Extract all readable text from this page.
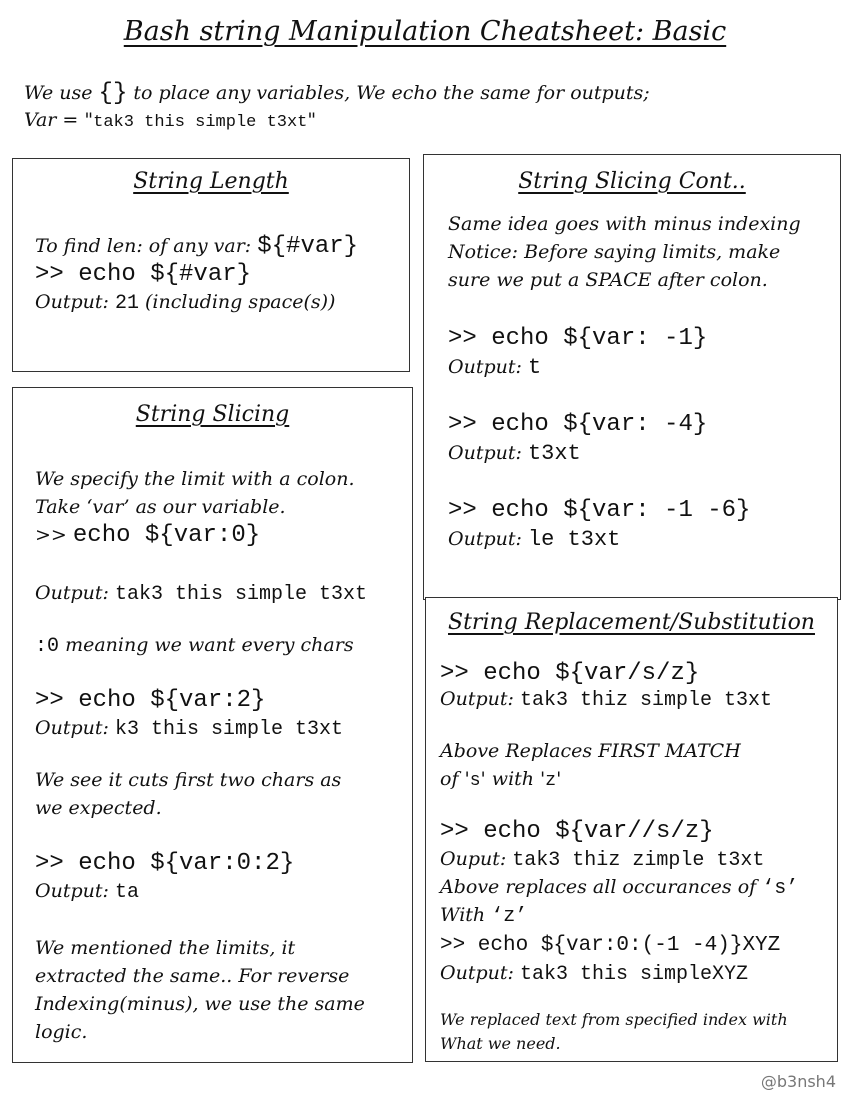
Bash string Manipulation Cheatsheet: Basic
We use {} to place any variables, We echo the same for outputs;
Var = "tak3 this simple t3xt"
String Length
To find len: of any var: ${#var}
>> echo ${#var}
Output: 21 (including space(s))
String Slicing
We specify the limit with a colon.
Take ‘var’ as our variable.
>> echo ${var:0}
Output: tak3 this simple t3xt
:0 meaning we want every chars
>> echo ${var:2}
Output: k3 this simple t3xt
We see it cuts first two chars as
we expected.
>> echo ${var:0:2}
Output: ta
We mentioned the limits, it
extracted the same.. For reverse
Indexing(minus), we use the same
logic.
String Slicing Cont..
Same idea goes with minus indexing
Notice: Before saying limits, make
sure we put a SPACE after colon.
>> echo ${var: -1}
Output: t
>> echo ${var: -4}
Output: t3xt
>> echo ${var: -1 -6}
Output: le t3xt
String Replacement/Substitution
>> echo ${var/s/z}
Output: tak3 thiz simple t3xt
Above Replaces FIRST MATCH
of 's' with 'z'
>> echo ${var//s/z}
Ouput: tak3 thiz zimple t3xt
Above replaces all occurances of ‘s’
With ‘z’
>> echo ${var:0:(-1 -4)}XYZ
Output: tak3 this simpleXYZ
We replaced text from specified index with
What we need.
@b3nsh4
